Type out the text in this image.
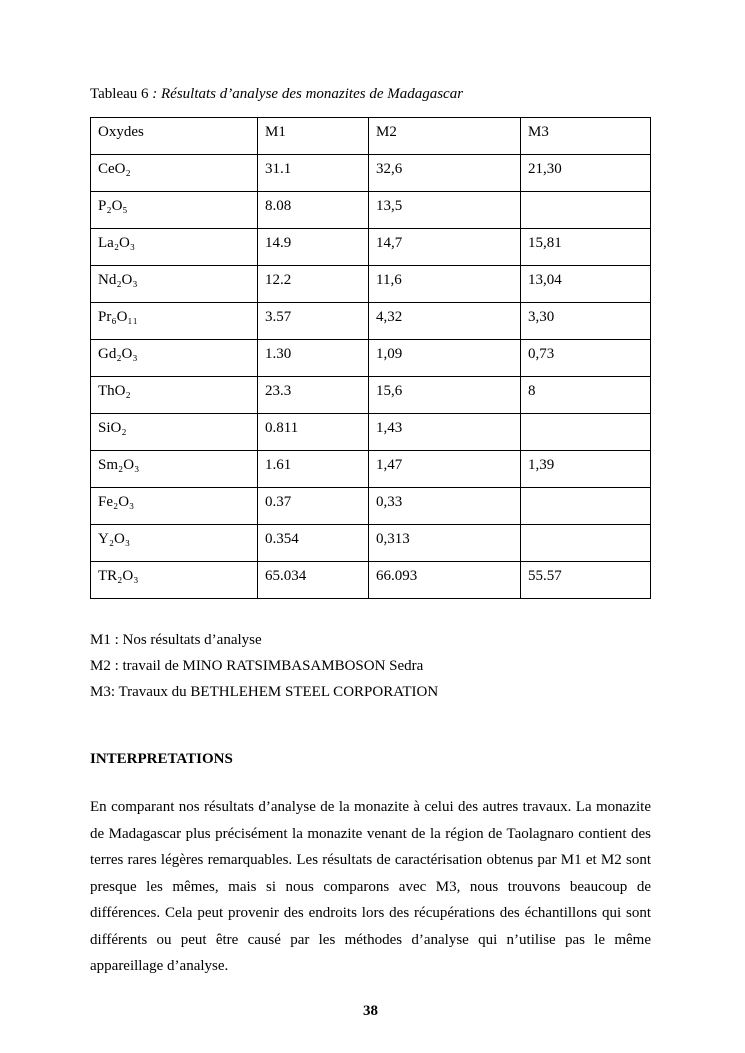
Tableau 6 : Résultats d’analyse des monazites de Madagascar

Oxydes	M1	M2	M3
CeO₂	31.1	32,6	21,30
P₂O₅	8.08	13,5	
La₂O₃	14.9	14,7	15,81
Nd₂O₃	12.2	11,6	13,04
Pr₆O₁₁	3.57	4,32	3,30
Gd₂O₃	1.30	1,09	0,73
ThO₂	23.3	15,6	8
SiO₂	0.811	1,43	
Sm₂O₃	1.61	1,47	1,39
Fe₂O₃	0.37	0,33	
Y₂O₃	0.354	0,313	
TR₂O₃	65.034	66.093	55.57
M1 : Nos résultats d’analyse
M2 : travail de MINO RATSIMBASAMBOSON Sedra
M3: Travaux du BETHLEHEM STEEL CORPORATION
INTERPRETATIONS

En comparant nos résultats d’analyse de la monazite à celui des autres travaux. La monazite de Madagascar plus précisément la monazite venant de la région de Taolagnaro contient des terres rares légères remarquables. Les résultats de caractérisation obtenus par M1 et M2 sont presque les mêmes, mais si nous comparons avec M3, nous trouvons beaucoup de différences. Cela peut provenir des endroits lors des récupérations des échantillons qui sont différents ou peut être causé par les méthodes d’analyse qui n’utilise pas le même appareillage d’analyse.

38
